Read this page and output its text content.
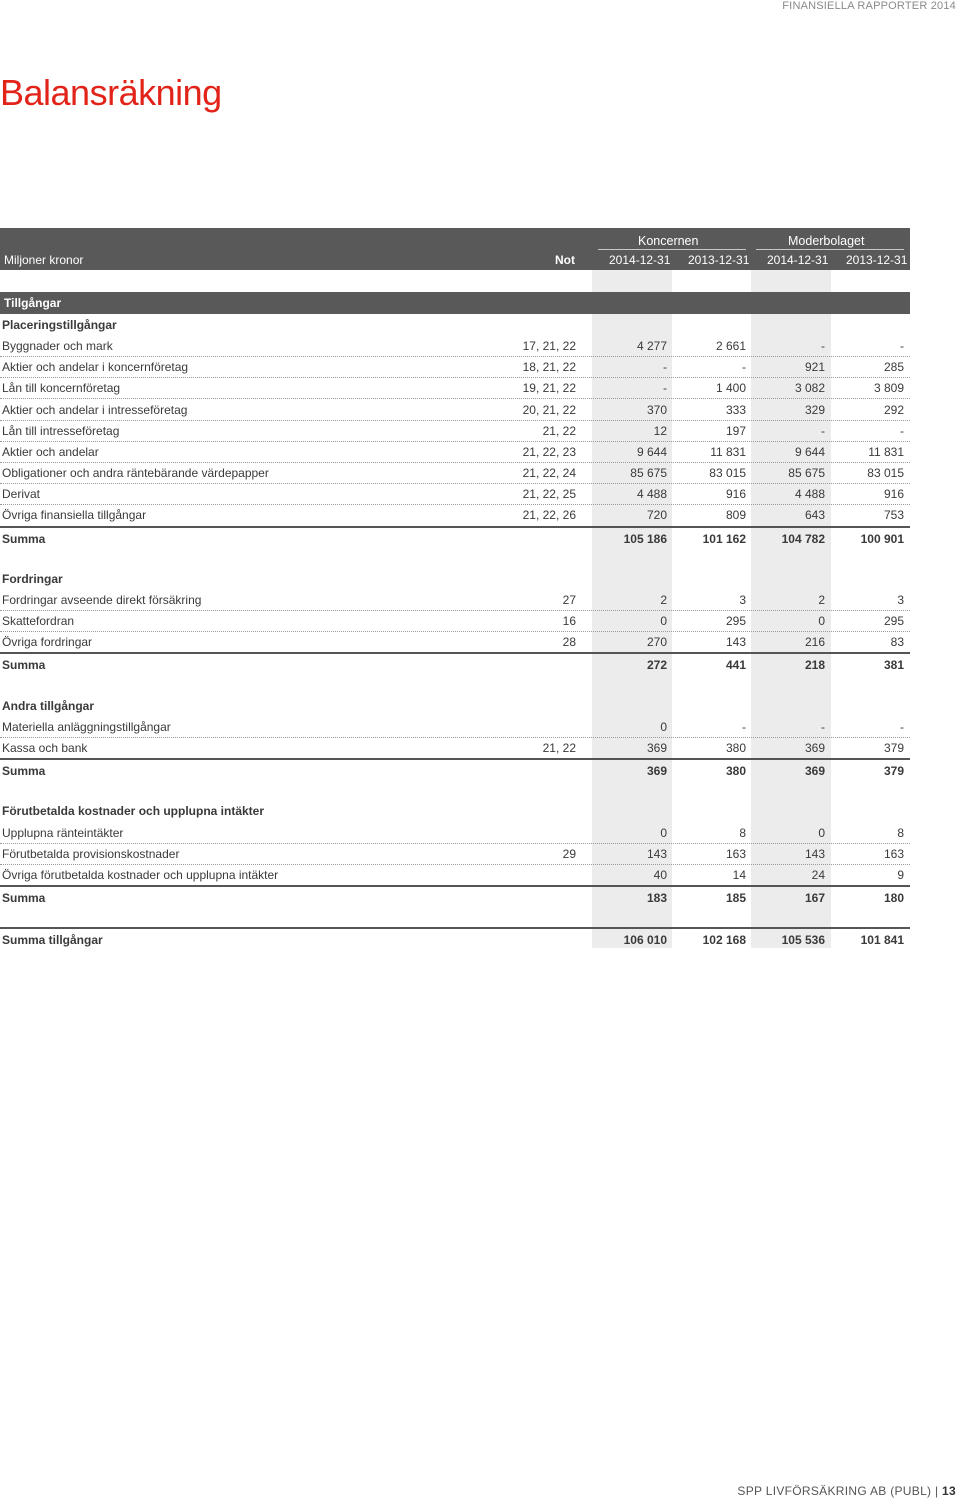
FINANSIELLA RAPPORTER 2014
Balansräkning
Koncernen	Moderbolaget
Miljoner kronor	Not	2014-12-31 2013-12-31 2014-12-31 2013-12-31
Tillgångar
Placeringstillgångar
Byggnader och mark	17, 21, 22	4 277	2 661	-	-
Aktier och andelar i koncernföretag	18, 21, 22	-	-	921	285
Lån till koncernföretag	19, 21, 22	-	1 400	3 082	3 809
Aktier och andelar i intresseföretag	20, 21, 22	370	333	329	292
Lån till intresseföretag	21, 22	12	197	-	-
Aktier och andelar	21, 22, 23	9 644	11 831	9 644	11 831
Obligationer och andra räntebärande värdepapper	21, 22, 24	85 675	83 015	85 675	83 015
Derivat	21, 22, 25	4 488	916	4 488	916
Övriga finansiella tillgångar	21, 22, 26	720	809	643	753
Summa	105 186	101 162	104 782	100 901
Fordringar
Fordringar avseende direkt försäkring	27	2	3	2	3
Skattefordran	16	0	295	0	295
Övriga fordringar	28	270	143	216	83
Summa	272	441	218	381
Andra tillgångar
Materiella anläggningstillgångar	0	-	-	-
Kassa och bank	21, 22	369	380	369	379
Summa	369	380	369	379
Förutbetalda kostnader och upplupna intäkter
Upplupna ränteintäkter	0	8	0	8
Förutbetalda provisionskostnader	29	143	163	143	163
Övriga förutbetalda kostnader och upplupna intäkter	40	14	24	9
Summa	183	185	167	180
Summa tillgångar	106 010	102 168	105 536	101 841
SPP LIVFÖRSÄKRING AB (PUBL) | 13
